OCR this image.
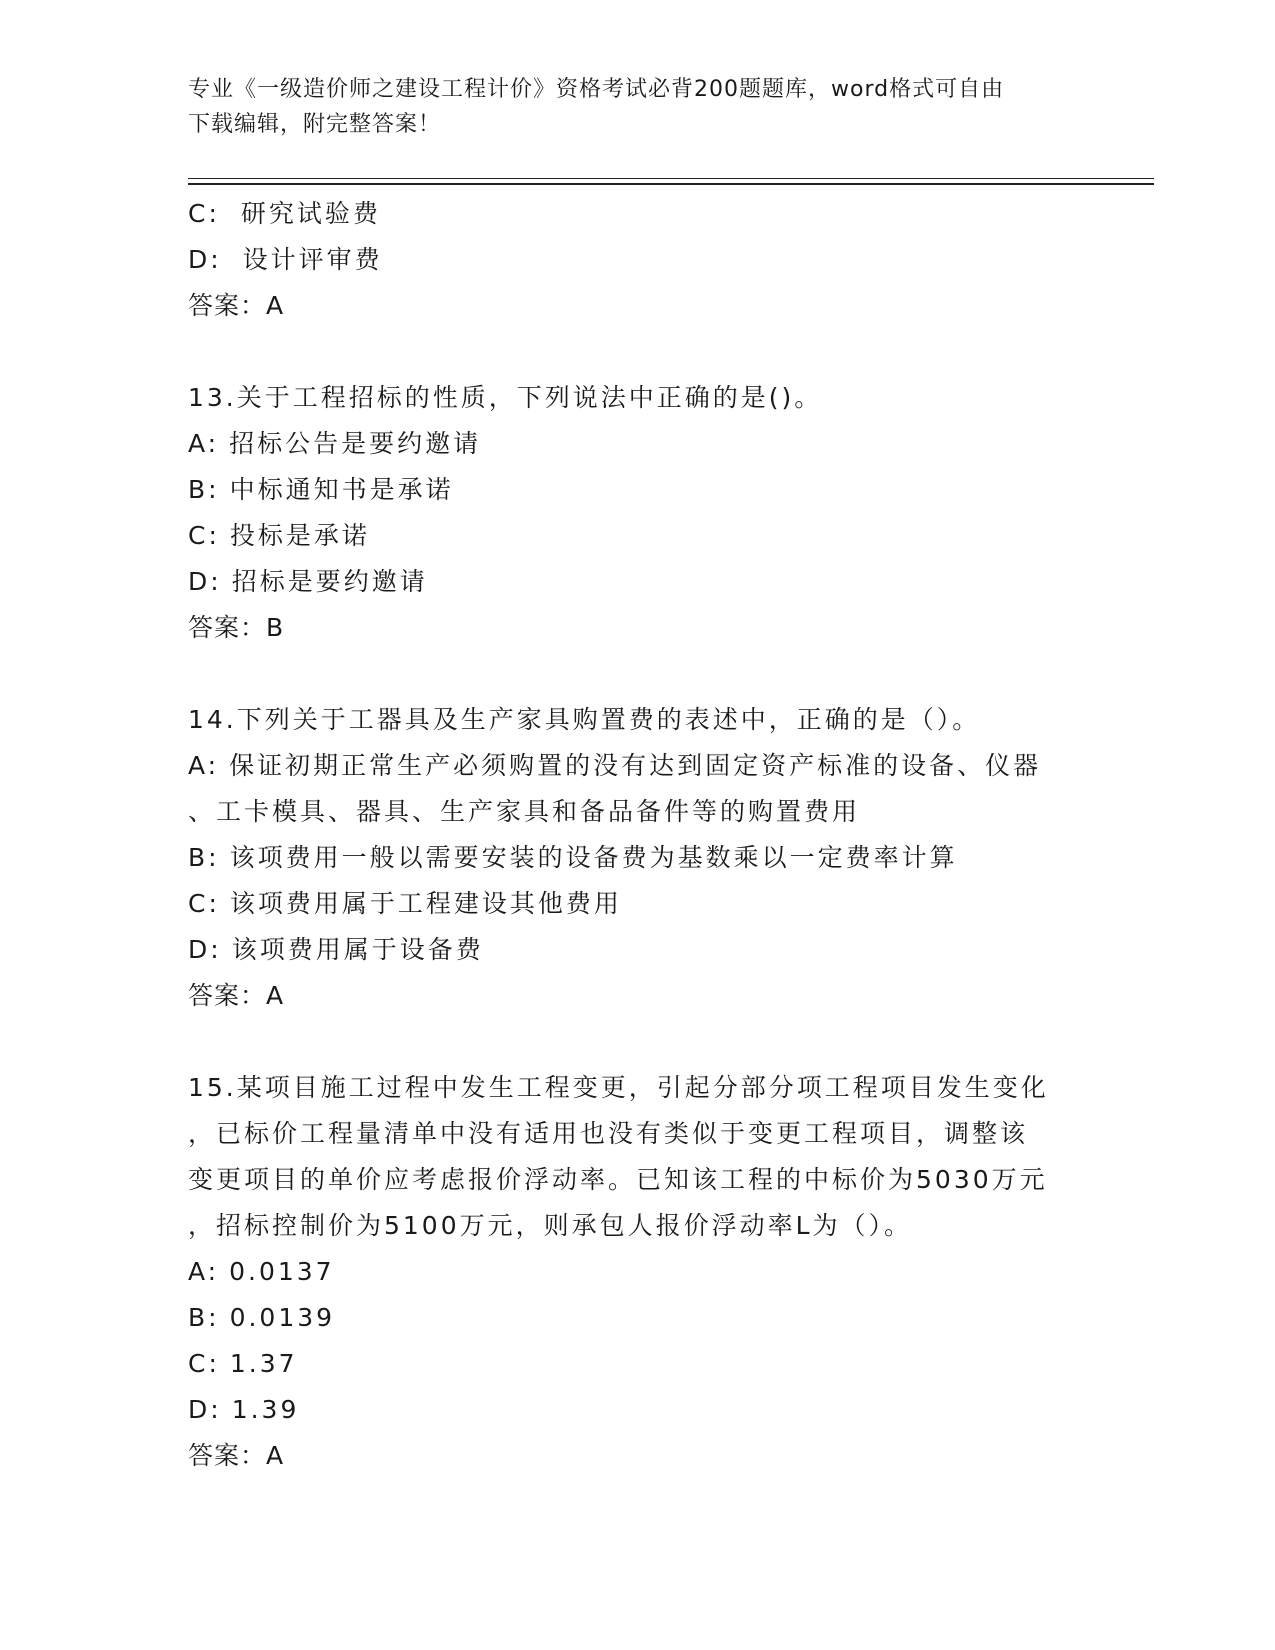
专业《一级造价师之建设工程计价》资格考试必背200题题库，word格式可自由
下载编辑，附完整答案！
C: 研究试验费
D: 设计评审费
答案：A
13.关于工程招标的性质，下列说法中正确的是()。
A: 招标公告是要约邀请
B: 中标通知书是承诺
C: 投标是承诺
D: 招标是要约邀请
答案：B
14.下列关于工器具及生产家具购置费的表述中，正确的是（）。
A: 保证初期正常生产必须购置的没有达到固定资产标准的设备、仪器
、工卡模具、器具、生产家具和备品备件等的购置费用
B: 该项费用一般以需要安装的设备费为基数乘以一定费率计算
C: 该项费用属于工程建设其他费用
D: 该项费用属于设备费
答案：A
15.某项目施工过程中发生工程变更，引起分部分项工程项目发生变化
，已标价工程量清单中没有适用也没有类似于变更工程项目，调整该
变更项目的单价应考虑报价浮动率。已知该工程的中标价为5030万元
，招标控制价为5100万元，则承包人报价浮动率L为（）。
A: 0.0137
B: 0.0139
C: 1.37
D: 1.39
答案：A
